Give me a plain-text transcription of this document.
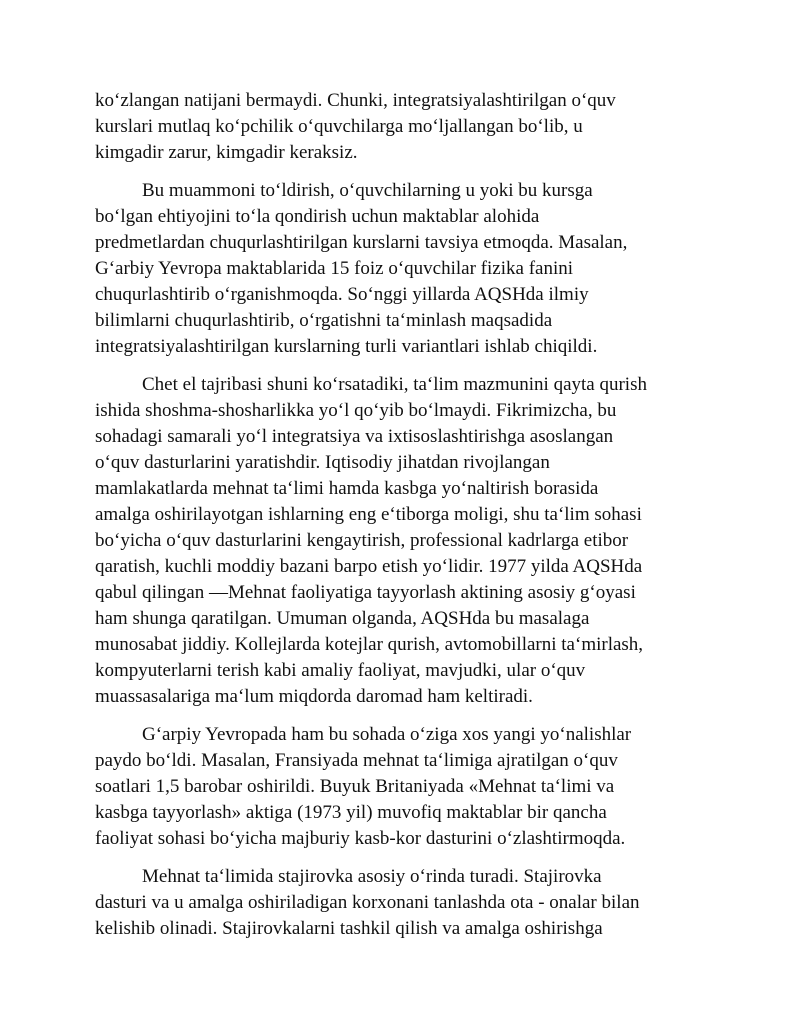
ko‘zlangan natijani bermaydi. Chunki, integratsiyalashtirilgan o‘quv
kurslari mutlaq ko‘pchilik o‘quvchilarga mo‘ljallangan bo‘lib, u
kimgadir zarur, kimgadir keraksiz.

Bu muammoni to‘ldirish, o‘quvchilarning u yoki bu kursga
bo‘lgan ehtiyojini to‘la qondirish uchun maktablar alohida
predmetlardan chuqurlashtirilgan kurslarni tavsiya etmoqda. Masalan,
G‘arbiy Yevropa maktablarida 15 foiz o‘quvchilar fizika fanini
chuqurlashtirib o‘rganishmoqda. So‘nggi yillarda AQSHda ilmiy
bilimlarni chuqurlashtirib, o‘rgatishni ta‘minlash maqsadida
integratsiyalashtirilgan kurslarning turli variantlari ishlab chiqildi.

Chet el tajribasi shuni ko‘rsatadiki, ta‘lim mazmunini qayta qurish
ishida shoshma-shosharlikka yo‘l qo‘yib bo‘lmaydi. Fikrimizcha, bu
sohadagi samarali yo‘l integratsiya va ixtisoslashtirishga asoslangan
o‘quv dasturlarini yaratishdir. Iqtisodiy jihatdan rivojlangan
mamlakatlarda mehnat ta‘limi hamda kasbga yo‘naltirish borasida
amalga oshirilayotgan ishlarning eng e‘tiborga moligi, shu ta‘lim sohasi
bo‘yicha o‘quv dasturlarini kengaytirish, professional kadrlarga etibor
qaratish, kuchli moddiy bazani barpo etish yo‘lidir. 1977 yilda AQSHda
qabul qilingan —Mehnat faoliyatiga tayyorlash aktining asosiy g‘oyasi
ham shunga qaratilgan. Umuman olganda, AQSHda bu masalaga
munosabat jiddiy. Kollejlarda kotejlar qurish, avtomobillarni ta‘mirlash,
kompyuterlarni terish kabi amaliy faoliyat, mavjudki, ular o‘quv
muassasalariga ma‘lum miqdorda daromad ham keltiradi.

G‘arpiy Yevropada ham bu sohada o‘ziga xos yangi yo‘nalishlar
paydo bo‘ldi. Masalan, Fransiyada mehnat ta‘limiga ajratilgan o‘quv
soatlari 1,5 barobar oshirildi. Buyuk Britaniyada «Mehnat ta‘limi va
kasbga tayyorlash» aktiga (1973 yil) muvofiq maktablar bir qancha
faoliyat sohasi bo‘yicha majburiy kasb-kor dasturini o‘zlashtirmoqda.

Mehnat ta‘limida stajirovka asosiy o‘rinda turadi. Stajirovka
dasturi va u amalga oshiriladigan korxonani tanlashda ota - onalar bilan
kelishib olinadi. Stajirovkalarni tashkil qilish va amalga oshirishga
